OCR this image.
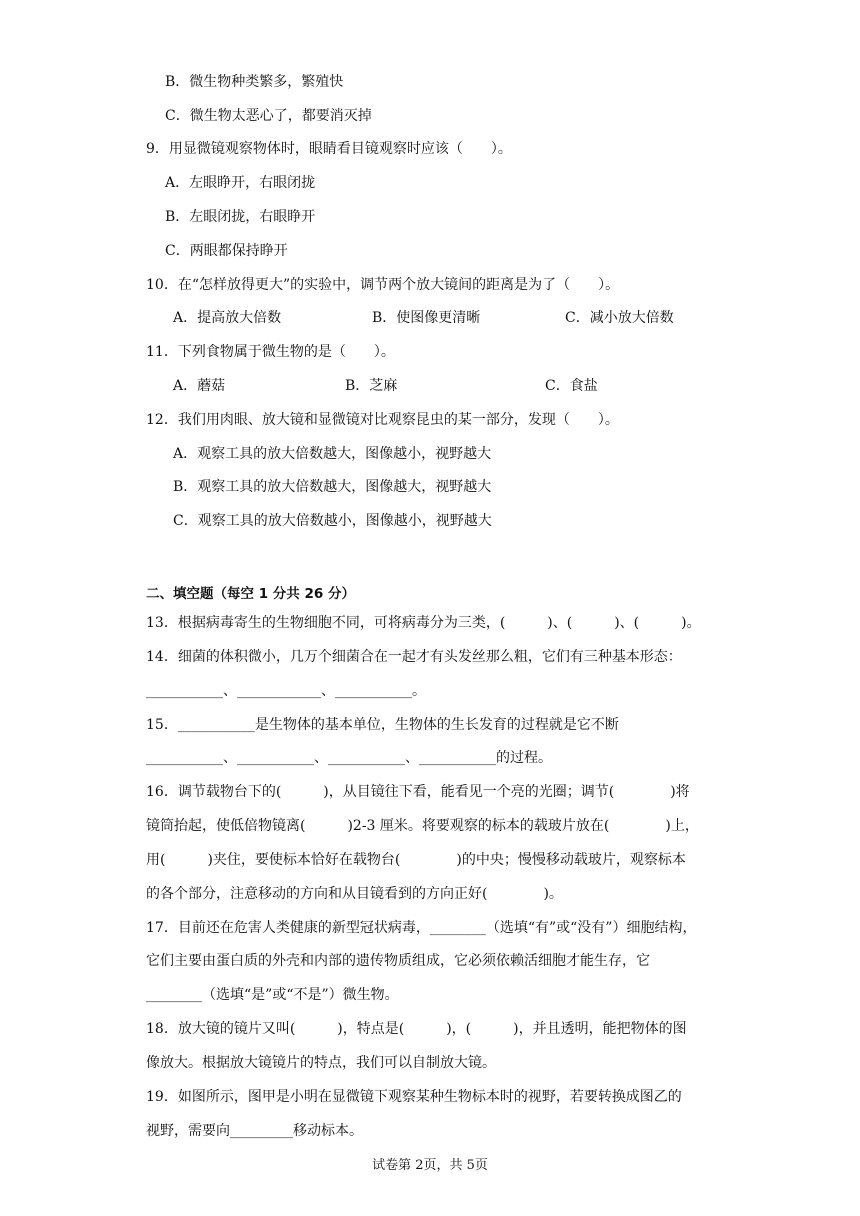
B．微生物种类繁多，繁殖快
C．微生物太恶心了，都要消灭掉
9．用显微镜观察物体时，眼睛看目镜观察时应该（　　）。
A．左眼睁开，右眼闭拢
B．左眼闭拢，右眼睁开
C．两眼都保持睁开
10．在“怎样放得更大”的实验中，调节两个放大镜间的距离是为了（　　）。
A．提高放大倍数	B．使图像更清晰	C．减小放大倍数
11．下列食物属于微生物的是（　　）。
A．蘑菇	B．芝麻	C．食盐
12．我们用肉眼、放大镜和显微镜对比观察昆虫的某一部分，发现（　　）。
A．观察工具的放大倍数越大，图像越小，视野越大
B．观察工具的放大倍数越大，图像越大，视野越大
C．观察工具的放大倍数越小，图像越小，视野越大
二、填空题（每空 1 分共 26 分）
13．根据病毒寄生的生物细胞不同，可将病毒分为三类，(　　　)、(　　　)、(　　　)。
14．细菌的体积微小，几万个细菌合在一起才有头发丝那么粗，它们有三种基本形态：
___________、____________、___________。
15．___________是生物体的基本单位，生物体的生长发育的过程就是它不断
___________、___________、___________、___________的过程。
16．调节载物台下的(　　　)，从目镜往下看，能看见一个亮的光圈；调节(　　　　)将
镜筒抬起，使低倍物镜离(　　　)2-3 厘米。将要观察的标本的载玻片放在(　　　　)上，
用(　　　)夹住，要使标本恰好在载物台(　　　　)的中央；慢慢移动载玻片，观察标本
的各个部分，注意移动的方向和从目镜看到的方向正好(　　　　)。
17．目前还在危害人类健康的新型冠状病毒，________（选填“有”或“没有”）细胞结构，
它们主要由蛋白质的外壳和内部的遗传物质组成，它必须依赖活细胞才能生存，它
________（选填“是”或“不是”）微生物。
18．放大镜的镜片又叫(　　　)，特点是(　　　)，(　　　)，并且透明，能把物体的图
像放大。根据放大镜镜片的特点，我们可以自制放大镜。
19．如图所示，图甲是小明在显微镜下观察某种生物标本时的视野，若要转换成图乙的
视野，需要向_________移动标本。
试卷第 2页，共 5页
